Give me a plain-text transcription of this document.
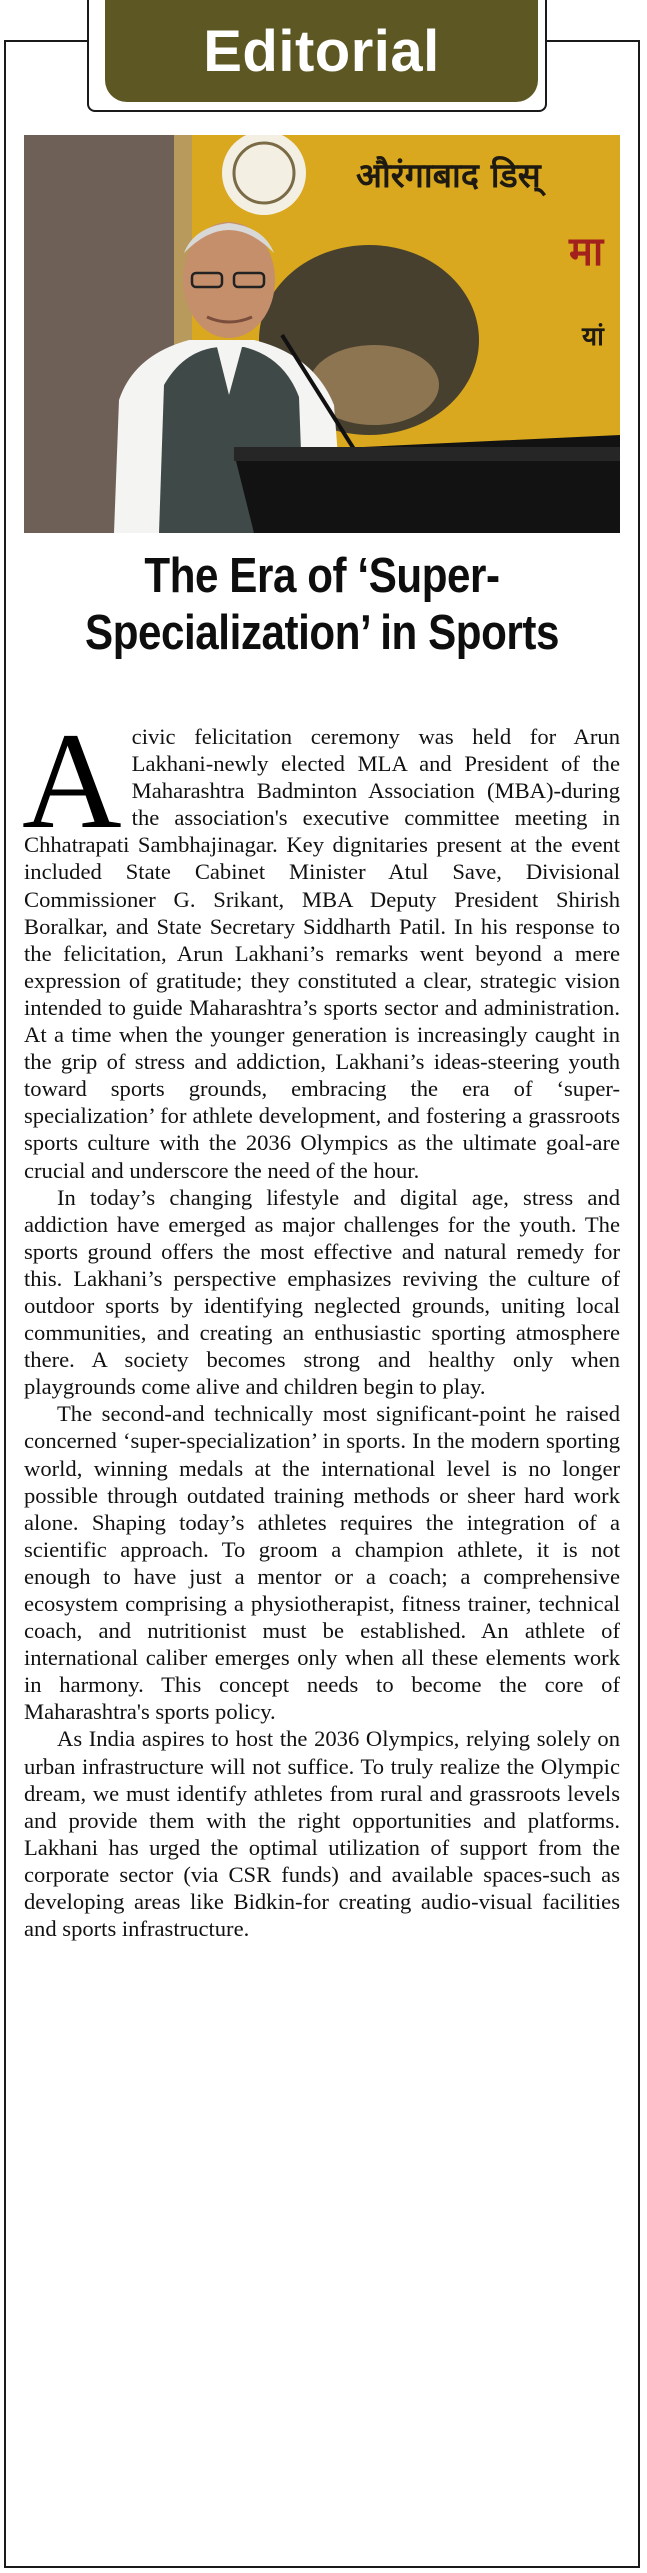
Editorial
औरंगाबाद डिस्
मा
यां
The Era of ‘Super-Specialization’ in Sports

Acivic felicitation ceremony was held for Arun Lakhani-newly elected MLA and President of the Maharashtra Badminton Association (MBA)-during the association's executive committee meeting in Chhatrapati Sambhajinagar. Key dignitaries present at the event included State Cabinet Minister Atul Save, Divisional Commissioner G. Srikant, MBA Deputy President Shirish Boralkar, and State Secretary Siddharth Patil. In his response to the felicitation, Arun Lakhani’s remarks went beyond a mere expression of gratitude; they constituted a clear, strategic vision intended to guide Maharashtra’s sports sector and administration. At a time when the younger generation is increasingly caught in the grip of stress and addiction, Lakhani’s ideas-steering youth toward sports grounds, embracing the era of ‘super-specialization’ for athlete development, and fostering a grassroots sports culture with the 2036 Olympics as the ultimate goal-are crucial and underscore the need of the hour.

In today’s changing lifestyle and digital age, stress and addiction have emerged as major challenges for the youth. The sports ground offers the most effective and natural remedy for this. Lakhani’s perspective emphasizes reviving the culture of outdoor sports by identifying neglected grounds, uniting local communities, and creating an enthusiastic sporting atmosphere there. A society becomes strong and healthy only when playgrounds come alive and children begin to play.

The second-and technically most significant-point he raised concerned ‘super-specialization’ in sports. In the modern sporting world, winning medals at the international level is no longer possible through outdated training methods or sheer hard work alone. Shaping today’s athletes requires the integration of a scientific approach. To groom a champion athlete, it is not enough to have just a mentor or a coach; a comprehensive ecosystem comprising a physiotherapist, fitness trainer, technical coach, and nutritionist must be established. An athlete of international caliber emerges only when all these elements work in harmony. This concept needs to become the core of Maharashtra's sports policy.

As India aspires to host the 2036 Olympics, relying solely on urban infrastructure will not suffice. To truly realize the Olympic dream, we must identify athletes from rural and grassroots levels and provide them with the right opportunities and platforms. Lakhani has urged the optimal utilization of support from the corporate sector (via CSR funds) and available spaces-such as developing areas like Bidkin-for creating audio-visual facilities and sports infrastructure.
